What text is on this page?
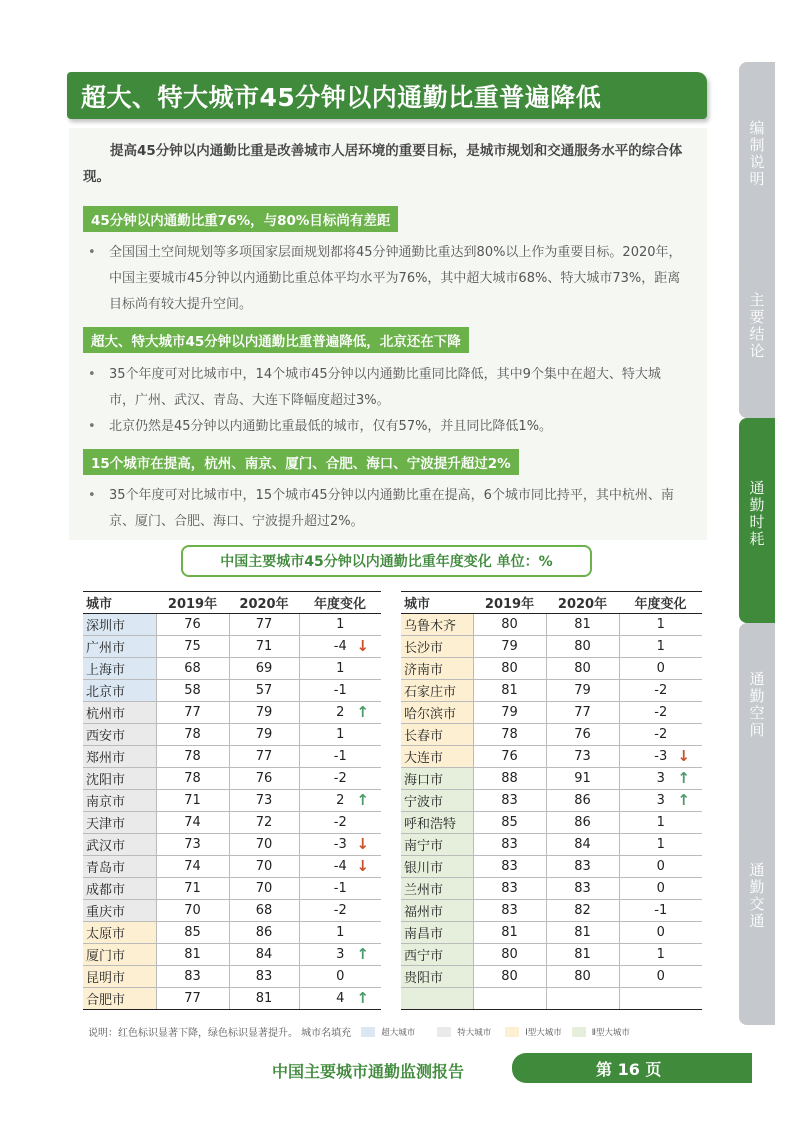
编制说明
主要结论
通勤时耗
通勤空间
通勤交通
超大、特大城市45分钟以内通勤比重普遍降低
提高45分钟以内通勤比重是改善城市人居环境的重要目标，是城市规划和交通服务水平的综合体现。
45分钟以内通勤比重76%，与80%目标尚有差距
• 全国国土空间规划等多项国家层面规划都将45分钟通勤比重达到80%以上作为重要目标。2020年，中国主要城市45分钟以内通勤比重总体平均水平为76%，其中超大城市68%、特大城市73%，距离目标尚有较大提升空间。
超大、特大城市45分钟以内通勤比重普遍降低，北京还在下降
• 35个年度可对比城市中，14个城市45分钟以内通勤比重同比降低，其中9个集中在超大、特大城市，广州、武汉、青岛、大连下降幅度超过3%。
• 北京仍然是45分钟以内通勤比重最低的城市，仅有57%，并且同比降低1%。
15个城市在提高，杭州、南京、厦门、合肥、海口、宁波提升超过2%
• 35个年度可对比城市中，15个城市45分钟以内通勤比重在提高，6个城市同比持平，其中杭州、南京、厦门、合肥、海口、宁波提升超过2%。
中国主要城市45分钟以内通勤比重年度变化 单位：%
城市	2019年	2020年	年度变化
深圳市	76	77	1
广州市	75	71	-4 ↓

上海市	68	69	1
北京市	58	57	-1
杭州市	77	79	2 ↑

西安市	78	79	1
郑州市	78	77	-1
沈阳市	78	76	-2
南京市	71	73	2 ↑

天津市	74	72	-2
武汉市	73	70	-3 ↓

青岛市	74	70	-4 ↓

成都市	71	70	-1
重庆市	70	68	-2
太原市	85	86	1
厦门市	81	84	3 ↑

昆明市	83	83	0
合肥市	77	81	4 ↑
城市	2019年	2020年	年度变化
乌鲁木齐	80	81	1
长沙市	79	80	1
济南市	80	80	0
石家庄市	81	79	-2
哈尔滨市	79	77	-2
长春市	78	76	-2
大连市	76	73	-3 ↓

海口市	88	91	3 ↑

宁波市	83	86	3 ↑

呼和浩特	85	86	1
南宁市	83	84	1
银川市	83	83	0
兰州市	83	83	0
福州市	83	82	-1
南昌市	81	81	0
西宁市	80	81	1
贵阳市	80	80	0

说明：红色标识显著下降，绿色标识显著提升。 城市名填充	超大城市	特大城市	Ⅰ型大城市	Ⅱ型大城市
中国主要城市通勤监测报告	第 16 页
